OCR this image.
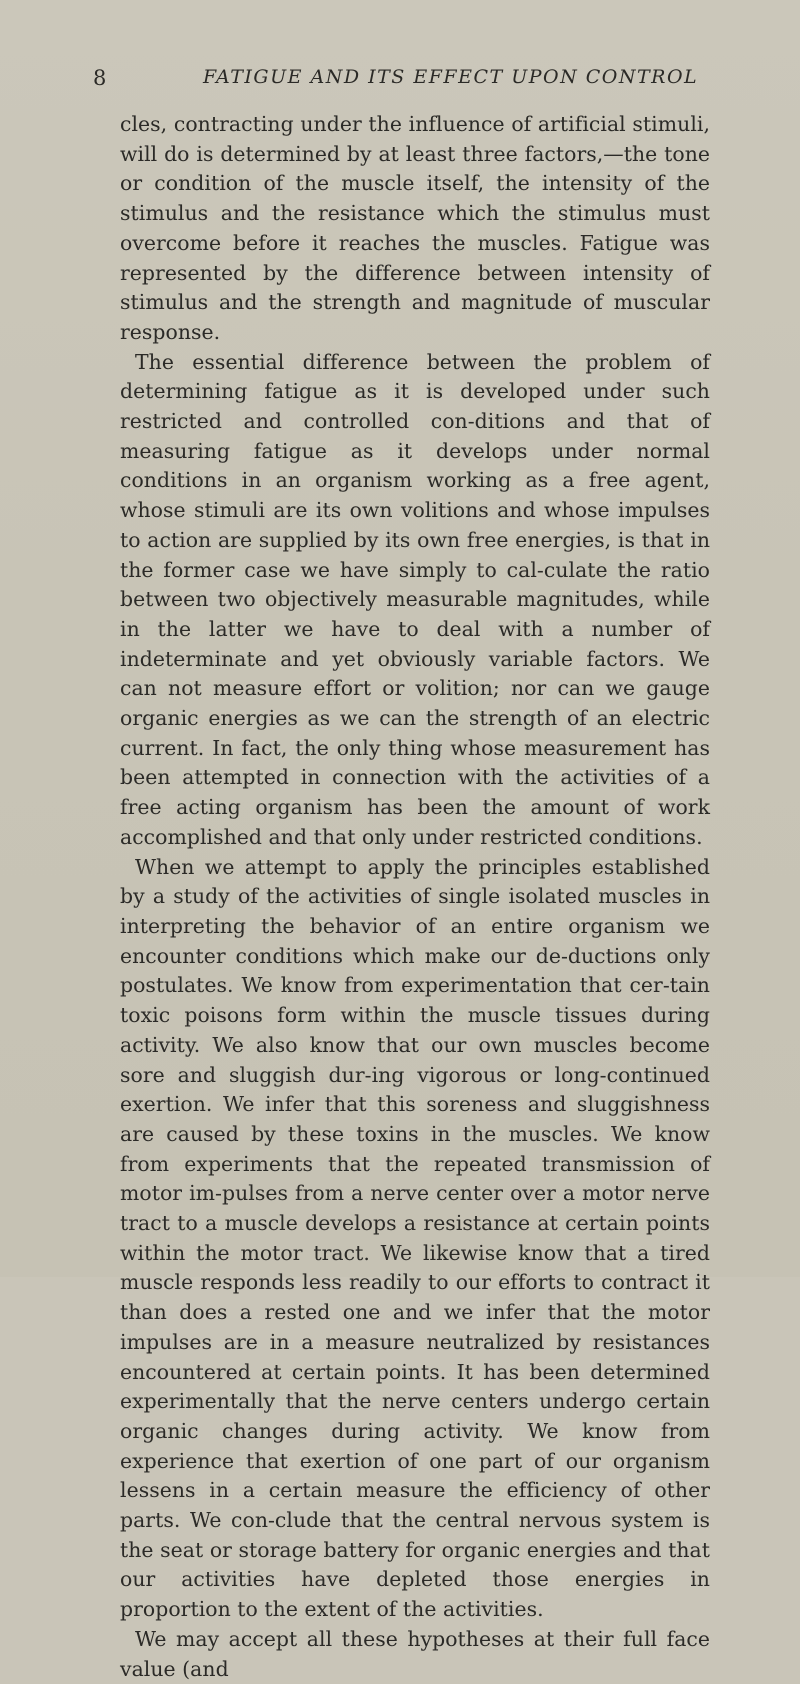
8	FATIGUE AND ITS EFFECT UPON CONTROL

cles, contracting under the influence of artificial stimuli, will do is determined by at least three factors,—the tone or condition of the muscle itself, the intensity of the stimulus and the resistance which the stimulus must overcome before it reaches the muscles. Fatigue was represented by the difference between intensity of stimulus and the strength and magnitude of muscular response.

The essential difference between the problem of determining fatigue as it is developed under such restricted and controlled con-ditions and that of measuring fatigue as it develops under normal conditions in an organism working as a free agent, whose stimuli are its own volitions and whose impulses to action are supplied by its own free energies, is that in the former case we have simply to cal-culate the ratio between two objectively measurable magnitudes, while in the latter we have to deal with a number of indeterminate and yet obviously variable factors. We can not measure effort or volition; nor can we gauge organic energies as we can the strength of an electric current. In fact, the only thing whose measurement has been attempted in connection with the activities of a free acting organism has been the amount of work accomplished and that only under restricted conditions.

When we attempt to apply the principles established by a study of the activities of single isolated muscles in interpreting the behavior of an entire organism we encounter conditions which make our de-ductions only postulates. We know from experimentation that cer-tain toxic poisons form within the muscle tissues during activity. We also know that our own muscles become sore and sluggish dur-ing vigorous or long-continued exertion. We infer that this soreness and sluggishness are caused by these toxins in the muscles. We know from experiments that the repeated transmission of motor im-pulses from a nerve center over a motor nerve tract to a muscle develops a resistance at certain points within the motor tract. We likewise know that a tired muscle responds less readily to our efforts to contract it than does a rested one and we infer that the motor impulses are in a measure neutralized by resistances encountered at certain points. It has been determined experimentally that the nerve centers undergo certain organic changes during activity. We know from experience that exertion of one part of our organism lessens in a certain measure the efficiency of other parts. We con-clude that the central nervous system is the seat or storage battery for organic energies and that our activities have depleted those energies in proportion to the extent of the activities.

We may accept all these hypotheses at their full face value (and
